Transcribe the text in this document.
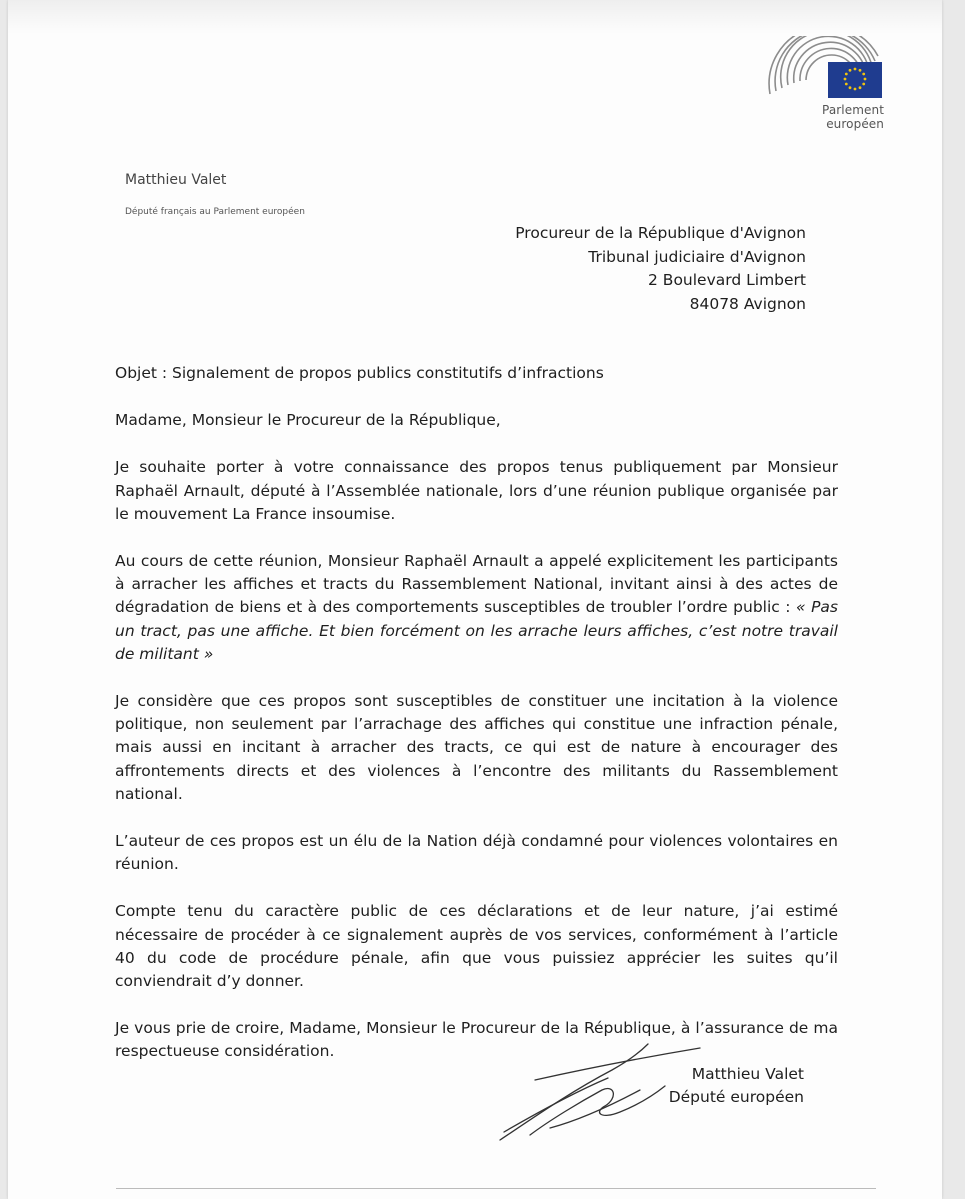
Parlement européen
Matthieu Valet
Député français au Parlement européen
Procureur de la République d'Avignon
Tribunal judiciaire d'Avignon
2 Boulevard Limbert
84078 Avignon

Objet : Signalement de propos publics constitutifs d’infractions

Madame, Monsieur le Procureur de la République,

Je souhaite porter à votre connaissance des propos tenus publiquement par Monsieur Raphaël Arnault, député à l’Assemblée nationale, lors d’une réunion publique organisée par le mouvement La France insoumise.

Au cours de cette réunion, Monsieur Raphaël Arnault a appelé explicitement les participants à arracher les affiches et tracts du Rassemblement National, invitant ainsi à des actes de dégradation de biens et à des comportements susceptibles de troubler l’ordre public : « Pas un tract, pas une affiche. Et bien forcément on les arrache leurs affiches, c’est notre travail de militant »

Je considère que ces propos sont susceptibles de constituer une incitation à la violence politique, non seulement par l’arrachage des affiches qui constitue une infraction pénale, mais aussi en incitant à arracher des tracts, ce qui est de nature à encourager des affrontements directs et des violences à l’encontre des militants du Rassemblement national.

L’auteur de ces propos est un élu de la Nation déjà condamné pour violences volontaires en réunion.

Compte tenu du caractère public de ces déclarations et de leur nature, j’ai estimé nécessaire de procéder à ce signalement auprès de vos services, conformément à l’article 40 du code de procédure pénale, afin que vous puissiez apprécier les suites qu’il conviendrait d’y donner.

Je vous prie de croire, Madame, Monsieur le Procureur de la République, à l’assurance de ma respectueuse considération.

Matthieu Valet
Député européen
